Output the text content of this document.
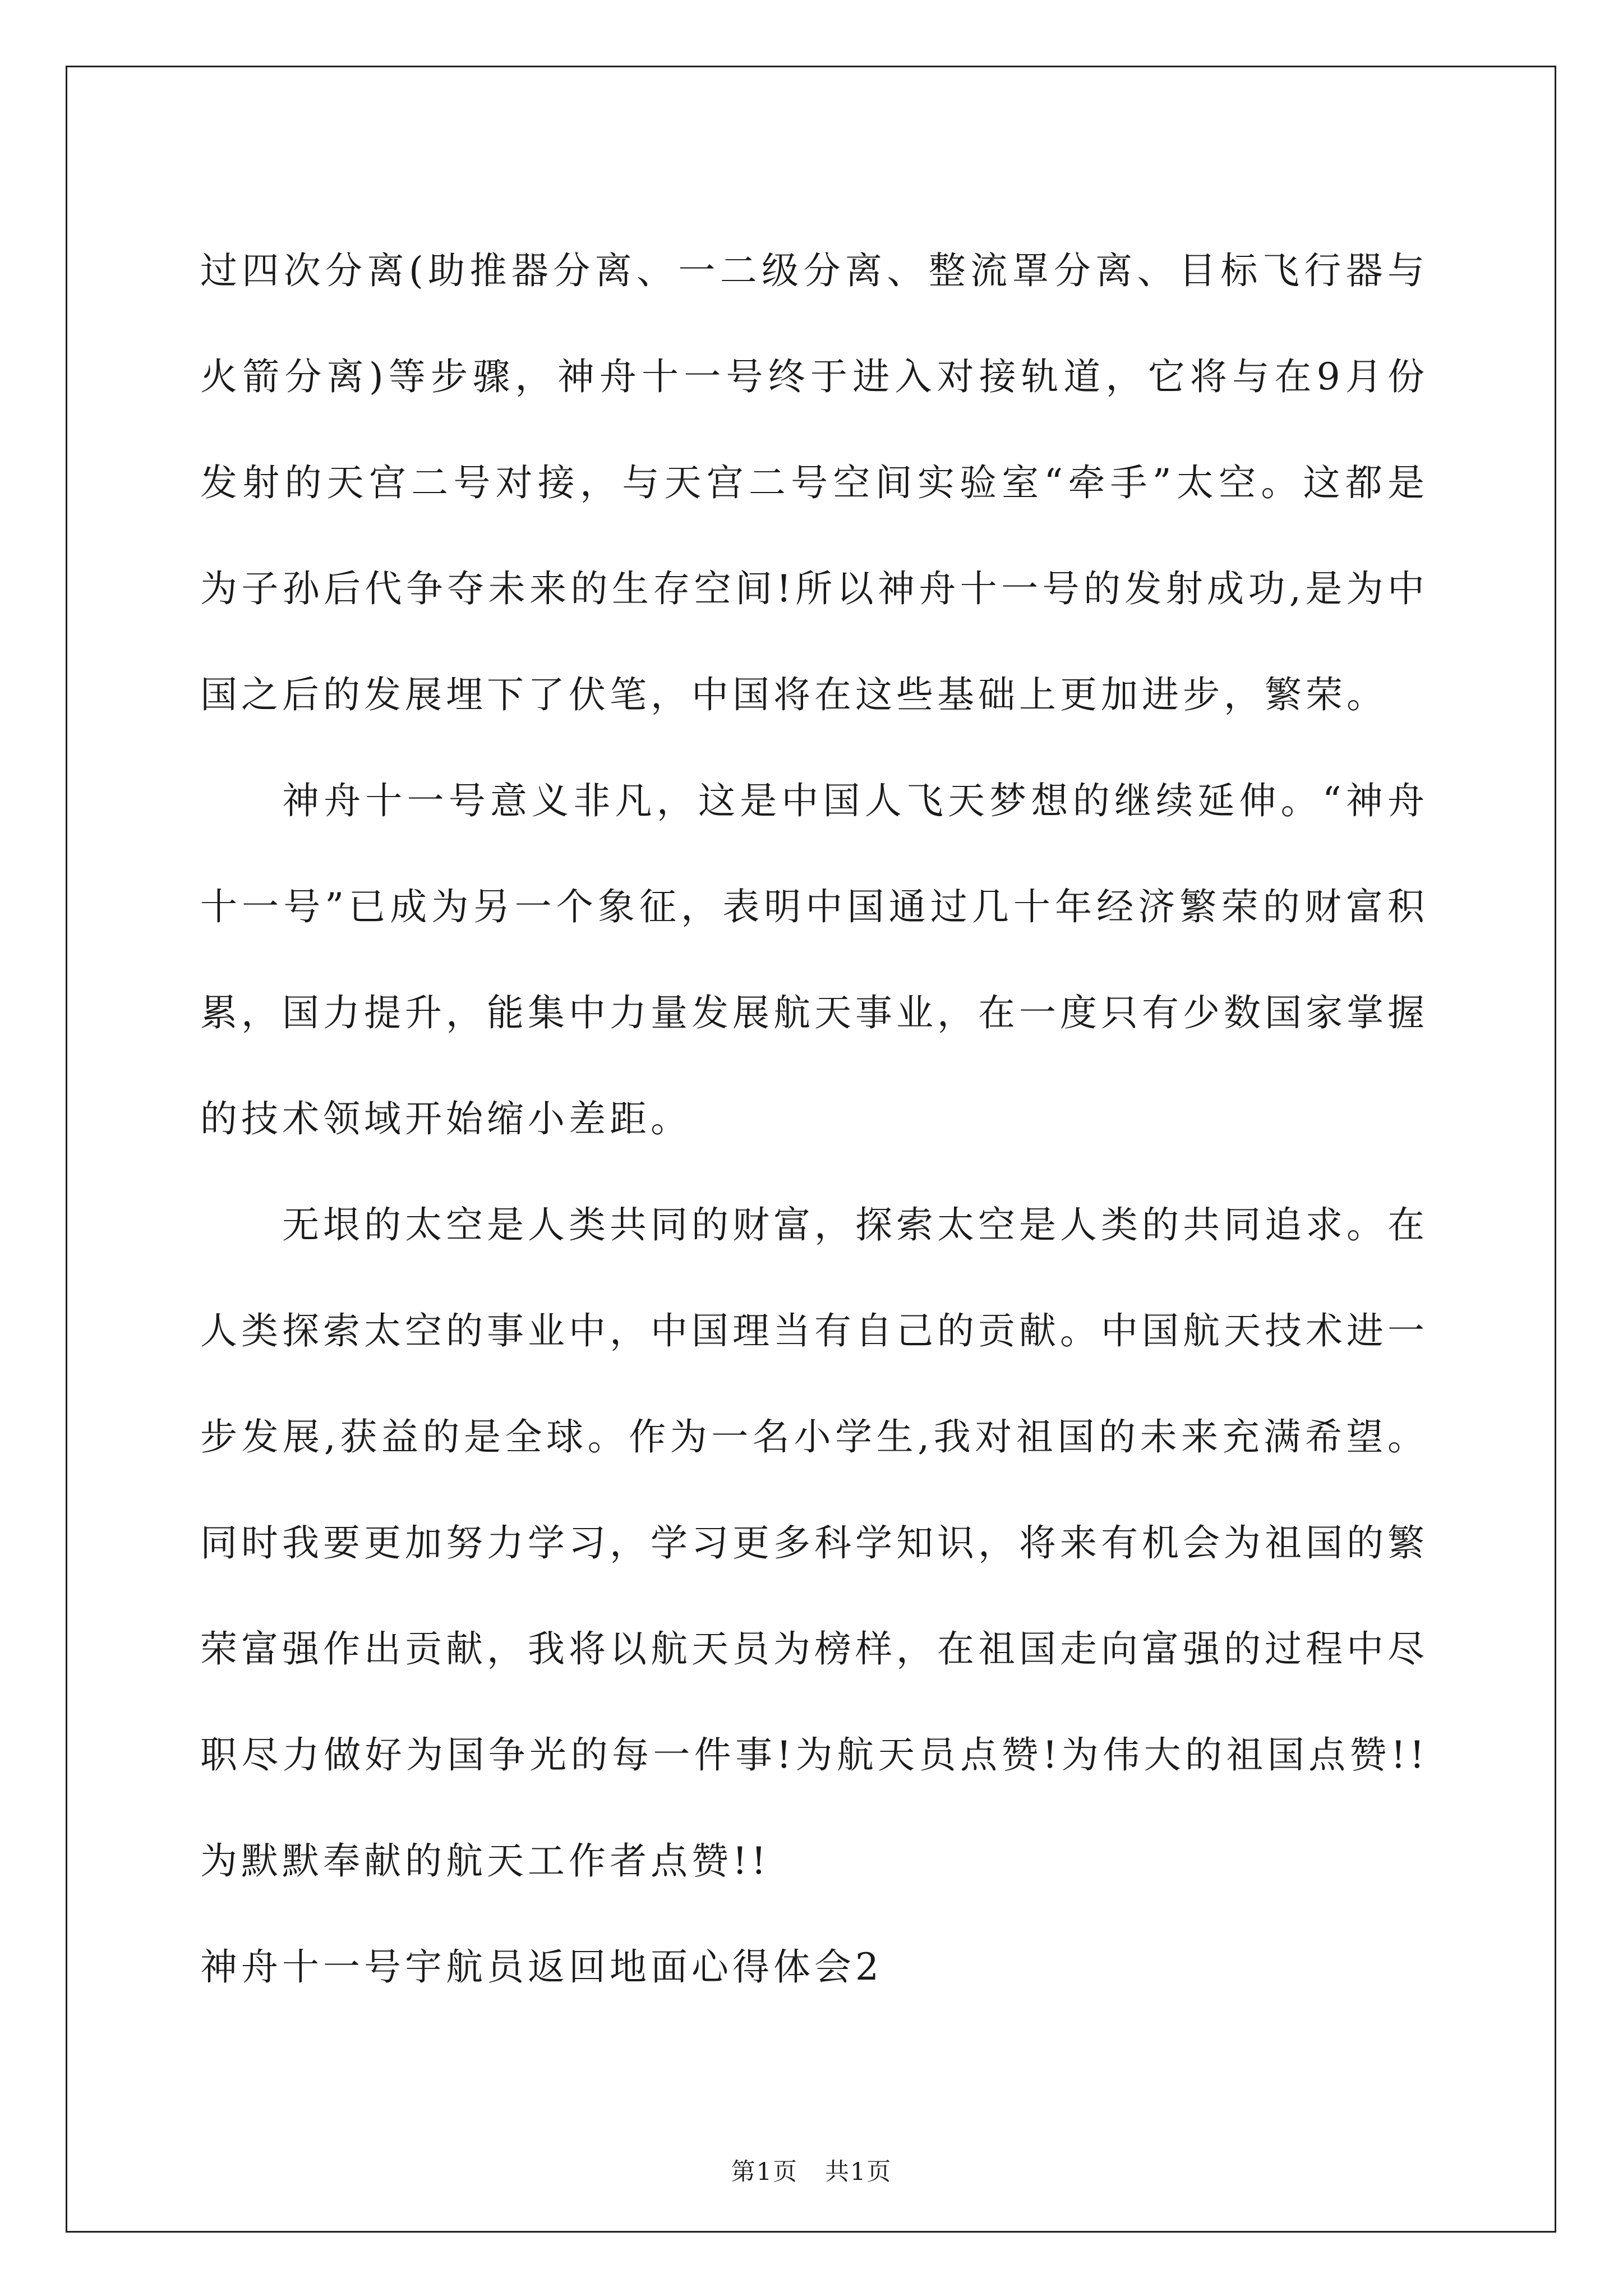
过四次分离(助推器分离、一二级分离、整流罩分离、目标飞行器与火箭分离)等步骤，神舟十一号终于进入对接轨道，它将与在9月份发射的天宫二号对接，与天宫二号空间实验室“牵手”太空。这都是为子孙后代争夺未来的生存空间!所以神舟十一号的发射成功,是为中国之后的发展埋下了伏笔，中国将在这些基础上更加进步，繁荣。

神舟十一号意义非凡，这是中国人飞天梦想的继续延伸。“神舟十一号”已成为另一个象征，表明中国通过几十年经济繁荣的财富积累，国力提升，能集中力量发展航天事业，在一度只有少数国家掌握的技术领域开始缩小差距。

无垠的太空是人类共同的财富，探索太空是人类的共同追求。在人类探索太空的事业中，中国理当有自己的贡献。中国航天技术进一步发展,获益的是全球。作为一名小学生,我对祖国的未来充满希望。同时我要更加努力学习，学习更多科学知识，将来有机会为祖国的繁荣富强作出贡献，我将以航天员为榜样，在祖国走向富强的过程中尽职尽力做好为国争光的每一件事!为航天员点赞!为伟大的祖国点赞!!为默默奉献的航天工作者点赞!!

神舟十一号宇航员返回地面心得体会2

第1页 共1页
